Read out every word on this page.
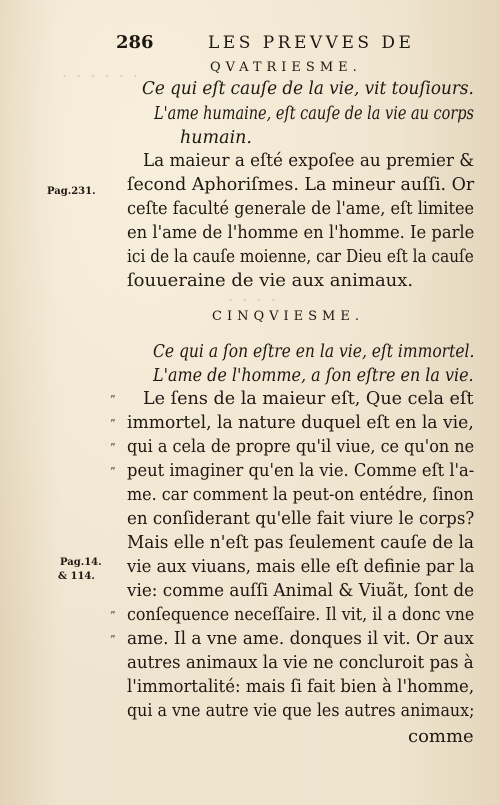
. . . . . .
. . . .
286	LES PREVVES DE
QVATRIESME.
Ce qui eſt cauſe de la vie, vit touſiours.
L'ame humaine, eſt cauſe de la vie au corps
humain.
La maieur a eſté expoſee au premier &
Pag.231. ſecond Aphoriſmes. La mineur auſſi. Or
ceſte faculté generale de l'ame, eſt limitee
en l'ame de l'homme en l'homme. Ie parle
ici de la cauſe moienne, car Dieu eſt la cauſe
ſouueraine de vie aux animaux.
CINQVIESME.
Ce qui a ſon eſtre en la vie, eſt immortel.
L'ame de l'homme, a ſon eſtre en la vie.
” Le ſens de la maieur eſt, Que cela eſt
” immortel, la nature duquel eſt en la vie,
” qui a cela de propre qu'il viue, ce qu'on ne
” peut imaginer qu'en la vie. Comme eſt l'a-
me. car comment la peut-on entédre, ſinon
en conſiderant qu'elle fait viure le corps?
Mais elle n'eſt pas ſeulement cauſe de la
Pag.14.
& 114. vie aux viuans, mais elle eſt definie par la
vie: comme auſſi Animal & Viuãt, ſont de
” conſequence neceſſaire. Il vit, il a donc vne
” ame. Il a vne ame. donques il vit. Or aux
autres animaux la vie ne concluroit pas à
l'immortalité: mais ſi fait bien à l'homme,
qui a vne autre vie que les autres animaux;
comme
